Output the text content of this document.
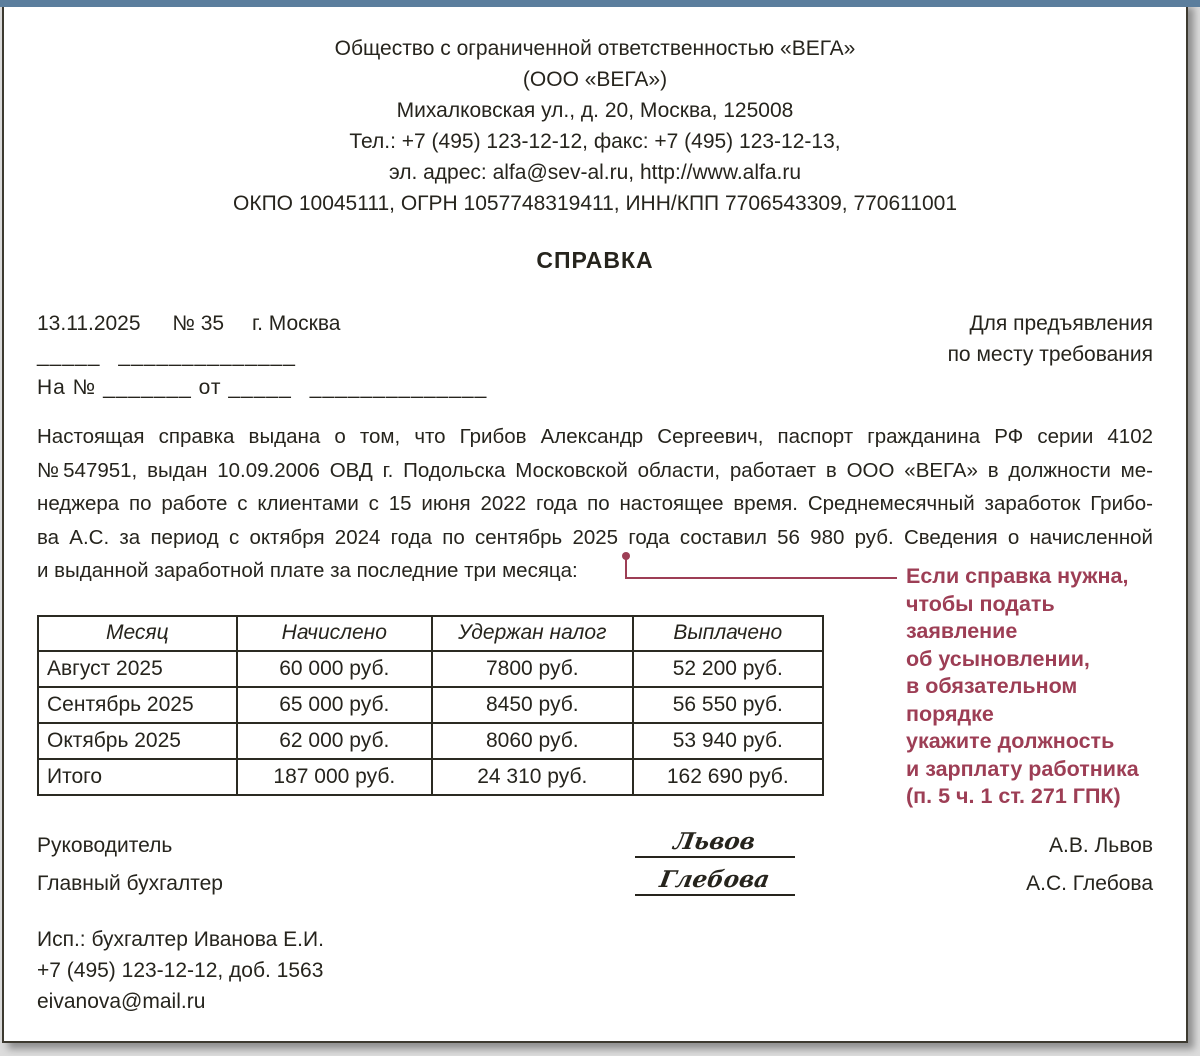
Общество с ограниченной ответственностью «ВЕГА»
(ООО «ВЕГА»)
Михалковская ул., д. 20, Москва, 125008
Тел.: +7 (495) 123-12-12, факс: +7 (495) 123-12-13,
эл. адрес: alfa@sev-al.ru, http://www.alfa.ru
ОКПО 10045111, ОГРН 1057748319411, ИНН/КПП 7706543309, 770611001
СПРАВКА
13.11.2025 № 35 г. Москва
_____ ______________
На № _______ от _____ ______________
Для предъявления
по месту требования
Настоящая справка выдана о том, что Грибов Александр Сергеевич, паспорт гражданина РФ серии 4102
№547951, выдан 10.09.2006 ОВД г. Подольска Московской области, работает в ООО «ВЕГА» в должности ме-
неджера по работе с клиентами с 15 июня 2022 года по настоящее время. Среднемесячный заработок Грибо-
ва А.С. за период с октября 2024 года по сентябрь 2025 года составил 56 980 руб. Сведения о начисленной
и выданной заработной плате за последние три месяца:
Месяц	Начислено	Удержан налог	Выплачено
Август 2025	60 000 руб.	7800 руб.	52 200 руб.
Сентябрь 2025	65 000 руб.	8450 руб.	56 550 руб.
Октябрь 2025	62 000 руб.	8060 руб.	53 940 руб.
Итого	187 000 руб.	24 310 руб.	162 690 руб.
Руководитель	Львов	А.В. Львов
Главный бухгалтер	Глебова	А.С. Глебова
Исп.: бухгалтер Иванова Е.И.
+7 (495) 123-12-12, доб. 1563
eivanova@mail.ru
Если справка нужна,
чтобы подать заявление
об усыновлении,
в обязательном порядке
укажите должность
и зарплату работника
(п. 5 ч. 1 ст. 271 ГПК)
